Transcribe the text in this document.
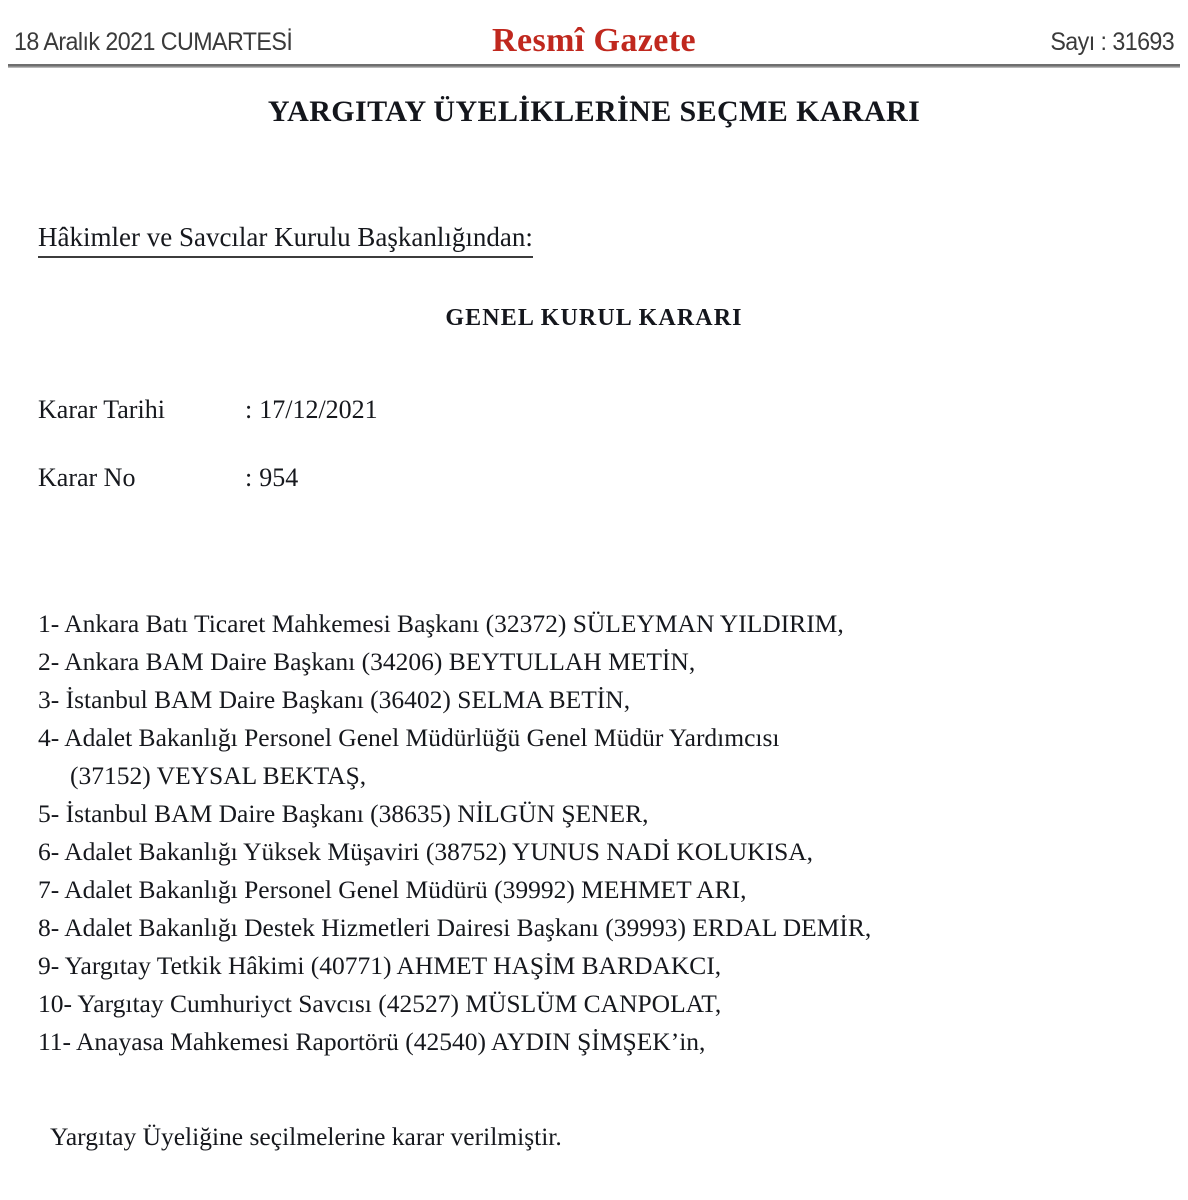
18 Aralık 2021 CUMARTESİ	Resmî Gazete	Sayı : 31693
YARGITAY ÜYELİKLERİNE SEÇME KARARI
Hâkimler ve Savcılar Kurulu Başkanlığından:
GENEL KURUL KARARI
Karar Tarihi	: 17/12/2021
Karar No	: 954
1- Ankara Batı Ticaret Mahkemesi Başkanı (32372) SÜLEYMAN YILDIRIM,
2- Ankara BAM Daire Başkanı (34206) BEYTULLAH METİN,
3- İstanbul BAM Daire Başkanı (36402) SELMA BETİN,
4- Adalet Bakanlığı Personel Genel Müdürlüğü Genel Müdür Yardımcısı
(37152) VEYSAL BEKTAŞ,
5- İstanbul BAM Daire Başkanı (38635) NİLGÜN ŞENER,
6- Adalet Bakanlığı Yüksek Müşaviri (38752) YUNUS NADİ KOLUKISA,
7- Adalet Bakanlığı Personel Genel Müdürü (39992) MEHMET ARI,
8- Adalet Bakanlığı Destek Hizmetleri Dairesi Başkanı (39993) ERDAL DEMİR,
9- Yargıtay Tetkik Hâkimi (40771) AHMET HAŞİM BARDAKCI,
10- Yargıtay Cumhuriyct Savcısı (42527) MÜSLÜM CANPOLAT,
11- Anayasa Mahkemesi Raportörü (42540) AYDIN ŞİMŞEK’in,
Yargıtay Üyeliğine seçilmelerine karar verilmiştir.
